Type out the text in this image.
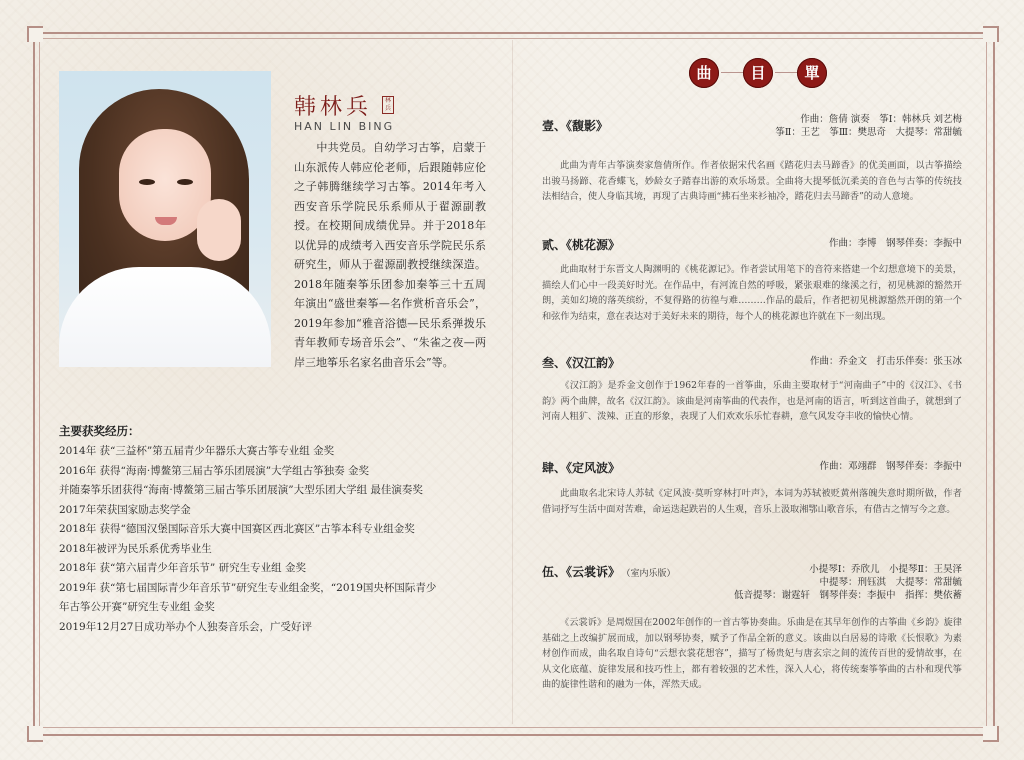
韩林兵	林兵
HAN LIN BING
中共党员。自幼学习古筝，启蒙于山东派传人韩应伦老师，后跟随韩应伦之子韩腾继续学习古筝。2014年考入西安音乐学院民乐系师从于翟源副教授。在校期间成绩优异。并于2018年以优异的成绩考入西安音乐学院民乐系研究生，师从于翟源副教授继续深造。2018年随秦筝乐团参加秦筝三十五周年演出“盛世秦筝—名作赏析音乐会”，2019年参加“雅音浴德—民乐系弹拨乐青年教师专场音乐会”、“朱雀之夜—两岸三地筝乐名家名曲音乐会”等。
主要获奖经历：
2014年 获“三益杯”第五届青少年器乐大赛古筝专业组 金奖
2016年 获得“海南·博鳌第三届古筝乐团展演”大学组古筝独奏 金奖
并随秦筝乐团获得“海南·博鳌第三届古筝乐团展演”大型乐团大学组 最佳演奏奖
2017年荣获国家励志奖学金
2018年 获得“德国汉堡国际音乐大赛中国赛区西北赛区”古筝本科专业组金奖
2018年被评为民乐系优秀毕业生
2018年 获“第六届青少年音乐节” 研究生专业组 金奖
2019年 获“第七届国际青少年音乐节”研究生专业组金奖，“2019国央杯国际青少
年古筝公开赛”研究生专业组 金奖
2019年12月27日成功举办个人独奏音乐会，广受好评
曲	目	單
壹、《馥影》	作曲：詹倩 演奏　筝Ⅰ：韩林兵 刘艺梅
筝Ⅱ：王艺　筝Ⅲ：樊思奇　大提琴：常甜毓
此曲为青年古筝演奏家詹倩所作。作者依据宋代名画《踏花归去马蹄香》的优美画面，以古筝描绘出骏马扬蹄、花香蝶飞，妙龄女子踏春出游的欢乐场景。全曲将大提琴低沉柔美的音色与古筝的传统技法相结合，使人身临其境，再现了古典诗画“拂石坐来衫袖冷，踏花归去马蹄香”的动人意境。
贰、《桃花源》	作曲：李博　钢琴伴奏：李振中
此曲取材于东晋文人陶渊明的《桃花源记》。作者尝试用笔下的音符来搭建一个幻想意境下的美景，描绘人们心中一段美好时光。在作品中，有河流自然的呼吸，紧张艰难的缘溪之行，初见桃源的豁然开朗，美如幻境的落英缤纷，不复得路的彷徨与难………作品的最后，作者把初见桃源豁然开朗的第一个和弦作为结束，意在表达对于美好未来的期待，每个人的桃花源也许就在下一刻出现。
叁、《汉江韵》	作曲：乔金文　打击乐伴奏：张玉冰
《汉江韵》是乔金文创作于1962年春的一首筝曲，乐曲主要取材于“河南曲子”中的《汉江》、《书韵》两个曲牌，故名《汉江韵》。该曲是河南筝曲的代表作，也是河南的语言，听到这首曲子，就想到了河南人粗犷、泼辣、正直的形象，表现了人们欢欢乐乐忙春耕，意气风发夺丰收的愉快心情。
肆、《定风波》	作曲：邓翊群　钢琴伴奏：李振中
此曲取名北宋诗人苏轼《定风波·莫听穿林打叶声》，本词为苏轼被贬黄州落魄失意时期所做，作者借词抒写生活中面对苦难，命运迭起跌岩的人生观，音乐上汲取湘鄂山歌音乐，有借古之情写今之意。
伍、《云裳诉》 （室内乐版）	小提琴Ⅰ：乔欣儿　小提琴Ⅱ：王昊泽
中提琴：刑钰淇　大提琴：常甜毓
低音提琴：谢霆轩　钢琴伴奏：李振中　指挥：樊依蓄
《云裳诉》是周煜国在2002年创作的一首古筝协奏曲。乐曲是在其早年创作的古筝曲《乡韵》旋律基础之上改编扩展而成，加以钢琴协奏，赋予了作品全新的意义。该曲以白居易的诗歌《长恨歌》为素材创作而成，曲名取自诗句“云想衣裳花想容”，描写了杨贵妃与唐玄宗之间的流传百世的爱情故事，在从文化底蕴、旋律发展和技巧性上，都有着较强的艺术性，深入人心，将传统秦筝筝曲的古朴和现代筝曲的旋律性谐和的融为一体，浑然天成。
